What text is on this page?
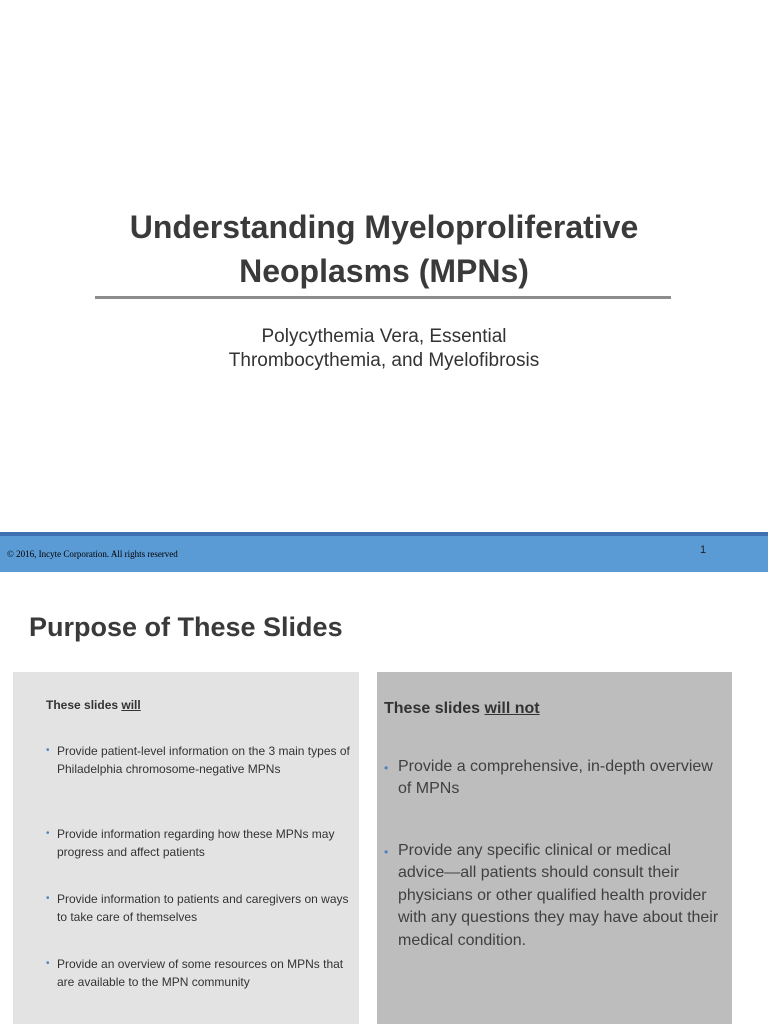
Understanding Myeloproliferative
Neoplasms (MPNs)

Polycythemia Vera, Essential
Thrombocythemia, and Myelofibrosis

© 2016, Incyte Corporation. All rights reserved	1
Purpose of These Slides
These slides will

• Provide patient-level information on the 3 main types of Philadelphia chromosome-negative MPNs

• Provide information regarding how these MPNs may progress and affect patients

• Provide information to patients and caregivers on ways to take care of themselves

• Provide an overview of some resources on MPNs that are available to the MPN community

These slides will not

• Provide a comprehensive, in-depth overview of MPNs

• Provide any specific clinical or medical advice—all patients should consult their physicians or other qualified health provider with any questions they may have about their medical condition.
